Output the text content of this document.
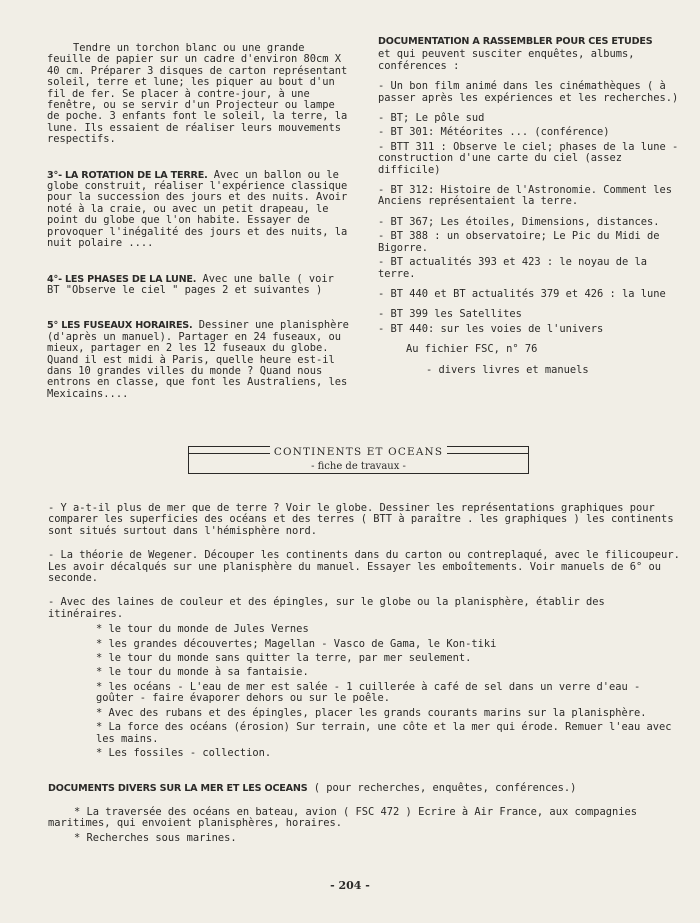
Tendre un torchon blanc ou une grande feuille de papier sur un cadre d'environ 80cm X 40 cm. Préparer 3 disques de carton représentant soleil, terre et lune; les piquer au bout d'un fil de fer. Se placer à contre-jour, à une fenêtre, ou se servir d'un Projecteur ou lampe de poche. 3 enfants font le soleil, la terre, la lune. Ils essaient de réaliser leurs mouvements respectifs.

3°- LA ROTATION DE LA TERRE. Avec un ballon ou le globe construit, réaliser l'expérience classique pour la succession des jours et des nuits. Avoir noté à la craie, ou avec un petit drapeau, le point du globe que l'on habite. Essayer de provoquer l'inégalité des jours et des nuits, la nuit polaire ....

4°- LES PHASES DE LA LUNE. Avec une balle ( voir BT "Observe le ciel " pages 2 et suivantes )

5° LES FUSEAUX HORAIRES. Dessiner une planisphère (d'après un manuel). Partager en 24 fuseaux, ou mieux, partager en 2 les 12 fuseaux du globe. Quand il est midi à Paris, quelle heure est-il dans 10 grandes villes du monde ? Quand nous entrons en classe, que font les Australiens, les Mexicains....

DOCUMENTATION A RASSEMBLER POUR CES ETUDES

et qui peuvent susciter enquêtes, albums, conférences :

- Un bon film animé dans les cinémathèques ( à passer après les expériences et les recherches.)

- BT; Le pôle sud

- BT 301: Météorites ... (conférence)

- BTT 311 : Observe le ciel; phases de la lune -construction d'une carte du ciel (assez difficile)

- BT 312: Histoire de l'Astronomie. Comment les Anciens représentaient la terre.

- BT 367; Les étoiles, Dimensions, distances.

- BT 388 : un observatoire; Le Pic du Midi de Bigorre.

- BT actualités 393 et 423 : le noyau de la terre.

- BT 440 et BT actualités 379 et 426 : la lune

- BT 399 les Satellites

- BT 440: sur les voies de l'univers

Au fichier FSC, n° 76

- divers livres et manuels

CONTINENTS ET OCEANS
- fiche de travaux -

- Y a-t-il plus de mer que de terre ? Voir le globe. Dessiner les représentations graphiques pour comparer les superficies des océans et des terres ( BTT à paraître . les graphiques ) les continents sont situés surtout dans l'hémisphère nord.

- La théorie de Wegener. Découper les continents dans du carton ou contreplaqué, avec le filicoupeur. Les avoir décalqués sur une planisphère du manuel. Essayer les emboîtements. Voir manuels de 6° ou seconde.

- Avec des laines de couleur et des épingles, sur le globe ou la planisphère, établir des itinéraires.

* le tour du monde de Jules Vernes

* les grandes découvertes; Magellan - Vasco de Gama, le Kon-tiki

* le tour du monde sans quitter la terre, par mer seulement.

* le tour du monde à sa fantaisie.

* les océans - L'eau de mer est salée - 1 cuillerée à café de sel dans un verre d'eau - goûter - faire évaporer dehors ou sur le poêle.

* Avec des rubans et des épingles, placer les grands courants marins sur la planisphère.

* La force des océans (érosion) Sur terrain, une côte et la mer qui érode. Remuer l'eau avec les mains.

* Les fossiles - collection.

DOCUMENTS DIVERS SUR LA MER ET LES OCEANS ( pour recherches, enquêtes, conférences.)

* La traversée des océans en bateau, avion ( FSC 472 ) Ecrire à Air France, aux compagnies maritimes, qui envoient planisphères, horaires.

* Recherches sous marines.

- 204 -
